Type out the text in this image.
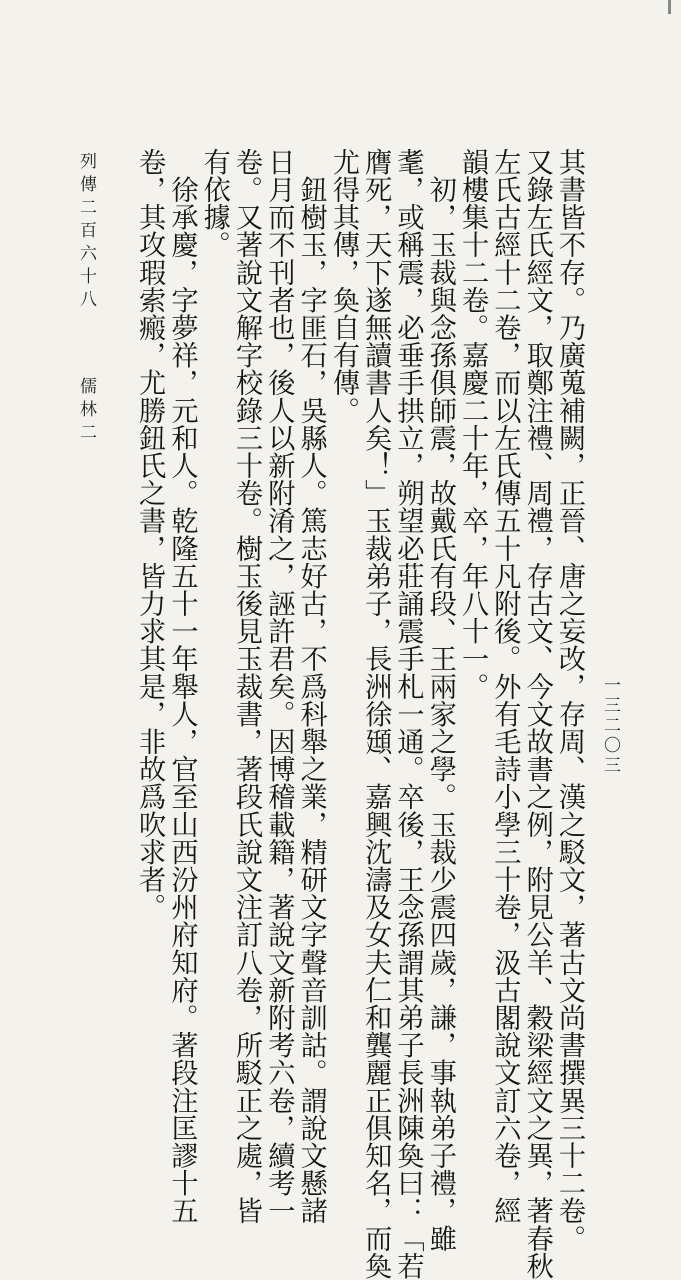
其書皆不存。乃廣蒐補闕，正晉、唐之妄改，存周、漢之駁文，著古文尚書撰異三十二卷。
又錄左氏經文，取鄭注禮、周禮，存古文、今文故書之例，附見公羊、穀梁經文之異，著春秋
左氏古經十二卷，而以左氏傳五十凡附後。外有毛詩小學三十卷，汲古閣說文訂六卷，經
韻樓集十二卷。嘉慶二十年，卒，年八十一。
　初，玉裁與念孫俱師震，故戴氏有段、王兩家之學。玉裁少震四歲，謙，事執弟子禮，雖
耄，或稱震，必垂手拱立，朔望必莊誦震手札一通。卒後，王念孫謂其弟子長洲陳奐曰：「若
膺死，天下遂無讀書人矣！」玉裁弟子，長洲徐頲、嘉興沈濤及女夫仁和龔麗正俱知名，而奐
尤得其傳，奐自有傳。
　鈕樹玉，字匪石，吳縣人。篤志好古，不爲科舉之業，精研文字聲音訓詁。謂說文懸諸
日月而不刊者也，後人以新附淆之，誣許君矣。因博稽載籍，著說文新附考六卷，續考一
卷。又著說文解字校錄三十卷。樹玉後見玉裁書，著段氏說文注訂八卷，所駁正之處，皆
有依據。
　徐承慶，字夢祥，元和人。乾隆五十一年舉人，官至山西汾州府知府。著段注匡謬十五
卷，其攻瑕索瘢，尤勝鈕氏之書，皆力求其是，非故爲吹求者。
列傳二百六十八儒林二
一三二〇三
